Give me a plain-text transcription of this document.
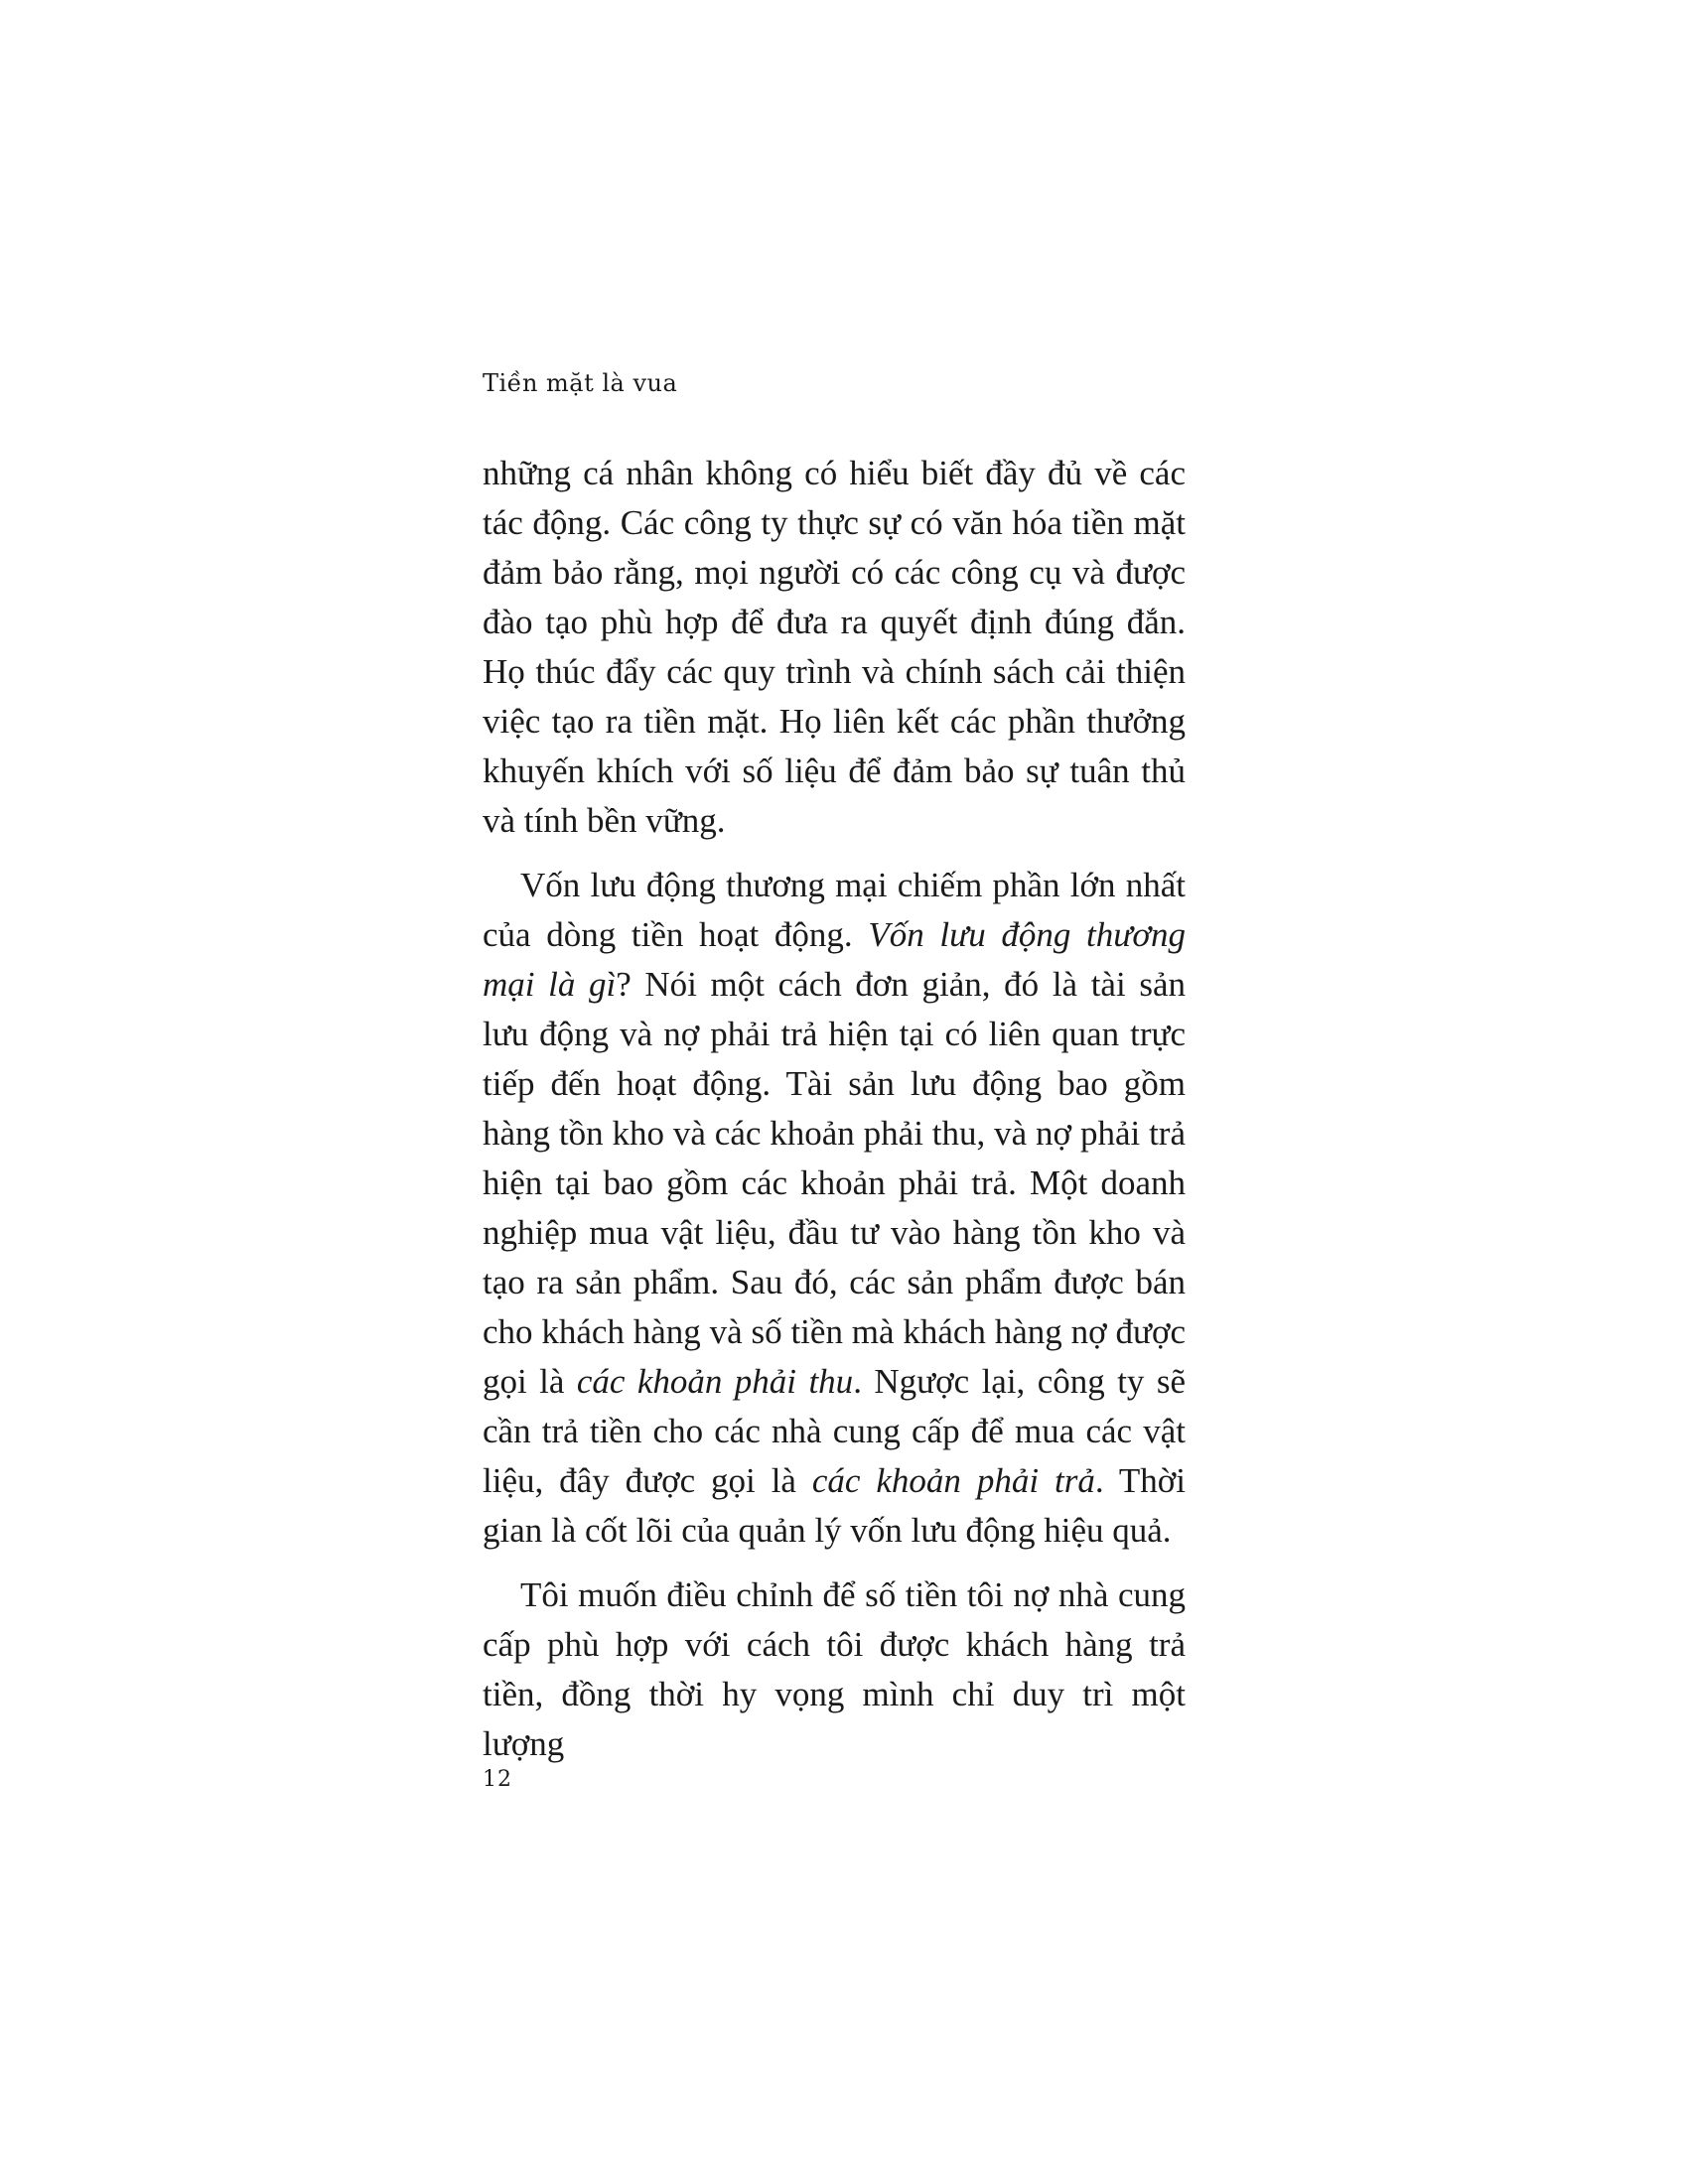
Tiền mặt là vua

những cá nhân không có hiểu biết đầy đủ về các tác động. Các công ty thực sự có văn hóa tiền mặt đảm bảo rằng, mọi người có các công cụ và được đào tạo phù hợp để đưa ra quyết định đúng đắn. Họ thúc đẩy các quy trình và chính sách cải thiện việc tạo ra tiền mặt. Họ liên kết các phần thưởng khuyến khích với số liệu để đảm bảo sự tuân thủ và tính bền vững.

Vốn lưu động thương mại chiếm phần lớn nhất của dòng tiền hoạt động. Vốn lưu động thương mại là gì? Nói một cách đơn giản, đó là tài sản lưu động và nợ phải trả hiện tại có liên quan trực tiếp đến hoạt động. Tài sản lưu động bao gồm hàng tồn kho và các khoản phải thu, và nợ phải trả hiện tại bao gồm các khoản phải trả. Một doanh nghiệp mua vật liệu, đầu tư vào hàng tồn kho và tạo ra sản phẩm. Sau đó, các sản phẩm được bán cho khách hàng và số tiền mà khách hàng nợ được gọi là các khoản phải thu. Ngược lại, công ty sẽ cần trả tiền cho các nhà cung cấp để mua các vật liệu, đây được gọi là các khoản phải trả. Thời gian là cốt lõi của quản lý vốn lưu động hiệu quả.

Tôi muốn điều chỉnh để số tiền tôi nợ nhà cung cấp phù hợp với cách tôi được khách hàng trả tiền, đồng thời hy vọng mình chỉ duy trì một lượng

12
